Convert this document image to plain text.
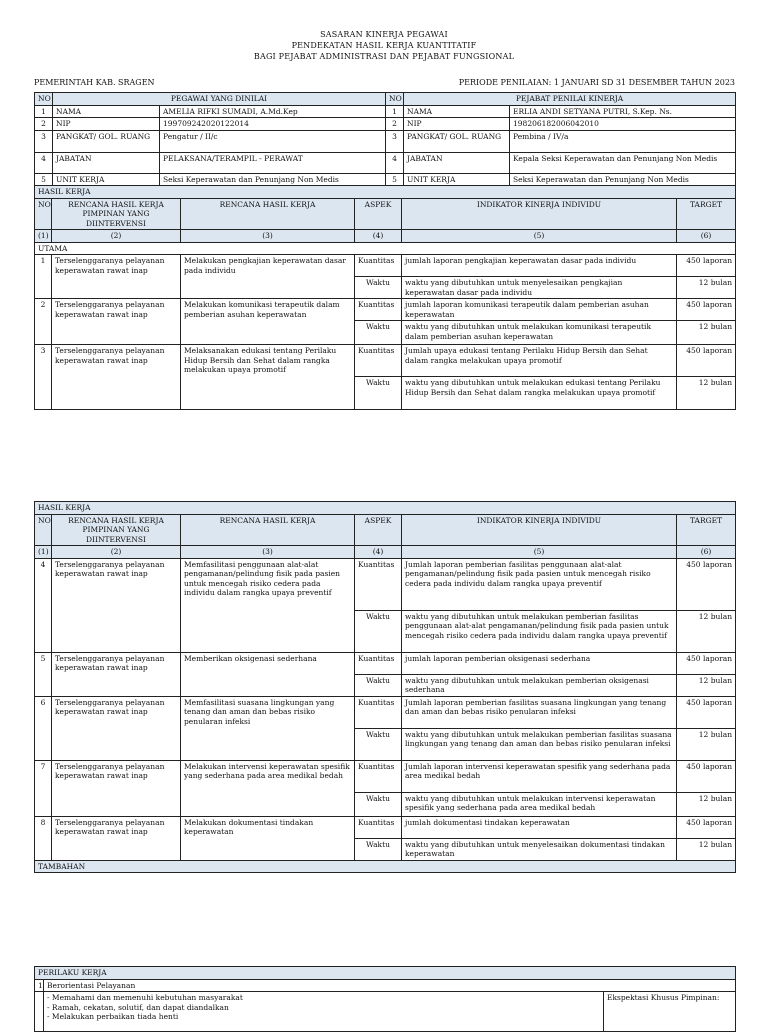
SASARAN KINERJA PEGAWAI
PENDEKATAN HASIL KERJA KUANTITATIF
BAGI PEJABAT ADMINISTRASI DAN PEJABAT FUNGSIONAL
PEMERINTAH KAB. SRAGEN	PERIODE PENILAIAN: 1 JANUARI SD 31 DESEMBER TAHUN 2023
NO	PEGAWAI YANG DINILAI		NO	PEJABAT PENILAI KINERJA	
1	NAMA	AMELIA RIFKI SUMADI, A.Md.Kep	1	NAMA	ERLIA ANDI SETYANA PUTRI, S.Kep. Ns.
2	NIP	199709242020122014	2	NIP	198206182006042010
3	PANGKAT/ GOL. RUANG	Pengatur / II/c	3	PANGKAT/ GOL. RUANG	Pembina / IV/a
4	JABATAN	PELAKSANA/TERAMPIL - PERAWAT	4	JABATAN	Kepala Seksi Keperawatan dan Penunjang Non Medis
5	UNIT KERJA	Seksi Keperawatan dan Penunjang Non Medis	5	UNIT KERJA	Seksi Keperawatan dan Penunjang Non Medis
HASIL KERJA					
NO	RENCANA HASIL KERJA PIMPINAN YANG DIINTERVENSI	RENCANA HASIL KERJA	ASPEK	INDIKATOR KINERJA INDIVIDU	TARGET
(1)	(2)	(3)	(4)	(5)	(6)
UTAMA					
1	Terselenggaranya pelayanan keperawatan rawat inap	Melakukan pengkajian keperawatan dasar pada individu	Kuantitas	jumlah laporan pengkajian keperawatan dasar pada individu	450 laporan
			Waktu	waktu yang dibutuhkan untuk menyelesaikan pengkajian keperawatan dasar pada individu	12 bulan
2	Terselenggaranya pelayanan keperawatan rawat inap	Melakukan komunikasi terapeutik dalam pemberian asuhan keperawatan	Kuantitas	jumlah laporan komunikasi terapeutik dalam pemberian asuhan keperawatan	450 laporan
			Waktu	waktu yang dibutuhkan untuk melakukan komunikasi terapeutik dalam pemberian asuhan keperawatan	12 bulan
3	Terselenggaranya pelayanan keperawatan rawat inap	Melaksanakan edukasi tentang Perilaku Hidup Bersih dan Sehat dalam rangka melakukan upaya promotif	Kuantitas	Jumlah upaya edukasi tentang Perilaku Hidup Bersih dan Sehat dalam rangka melakukan upaya promotif	450 laporan
			Waktu	waktu yang dibutuhkan untuk melakukan edukasi tentang Perilaku Hidup Bersih dan Sehat dalam rangka melakukan upaya promotif	12 bulan
HASIL KERJA					
NO	RENCANA HASIL KERJA PIMPINAN YANG DIINTERVENSI	RENCANA HASIL KERJA	ASPEK	INDIKATOR KINERJA INDIVIDU	TARGET
(1)	(2)	(3)	(4)	(5)	(6)
4	Terselenggaranya pelayanan keperawatan rawat inap	Memfasilitasi penggunaan alat-alat pengamanan/pelindung fisik pada pasien untuk mencegah risiko cedera pada individu dalam rangka upaya preventif	Kuantitas	Jumlah laporan pemberian fasilitas penggunaan alat-alat pengamanan/pelindung fisik pada pasien untuk mencegah risiko cedera pada individu dalam rangka upaya preventif	450 laporan
			Waktu	waktu yang dibutuhkan untuk melakukan pemberian fasilitas penggunaan alat-alat pengamanan/pelindung fisik pada pasien untuk mencegah risiko cedera pada individu dalam rangka upaya preventif	12 bulan
5	Terselenggaranya pelayanan keperawatan rawat inap	Memberikan oksigenasi sederhana	Kuantitas	jumlah laporan pemberian oksigenasi sederhana	450 laporan
			Waktu	waktu yang dibutuhkan untuk melakukan pemberian oksigenasi sederhana	12 bulan
6	Terselenggaranya pelayanan keperawatan rawat inap	Memfasilitasi suasana lingkungan yang tenang dan aman dan bebas risiko penularan infeksi	Kuantitas	Jumlah laporan pemberian fasilitas suasana lingkungan yang tenang dan aman dan bebas risiko penularan infeksi	450 laporan
			Waktu	waktu yang dibutuhkan untuk melakukan pemberian fasilitas suasana lingkungan yang tenang dan aman dan bebas risiko penularan infeksi	12 bulan
7	Terselenggaranya pelayanan keperawatan rawat inap	Melakukan intervensi keperawatan spesifik yang sederhana pada area medikal bedah	Kuantitas	Jumlah laporan intervensi keperawatan spesifik yang sederhana pada area medikal bedah	450 laporan
			Waktu	waktu yang dibutuhkan untuk melakukan intervensi keperawatan spesifik yang sederhana pada area medikal bedah	12 bulan
8	Terselenggaranya pelayanan keperawatan rawat inap	Melakukan dokumentasi tindakan keperawatan	Kuantitas	jumlah dokumentasi tindakan keperawatan	450 laporan
			Waktu	waktu yang dibutuhkan untuk menyelesaikan dokumentasi tindakan keperawatan	12 bulan
TAMBAHAN					
PERILAKU KERJA		
1	Berorientasi Pelayanan	

	- Memahami dan memenuhi kebutuhan masyarakat
- Ramah, cekatan, solutif, dan dapat diandalkan
- Melakukan perbaikan tiada henti	Ekspektasi Khusus Pimpinan:
